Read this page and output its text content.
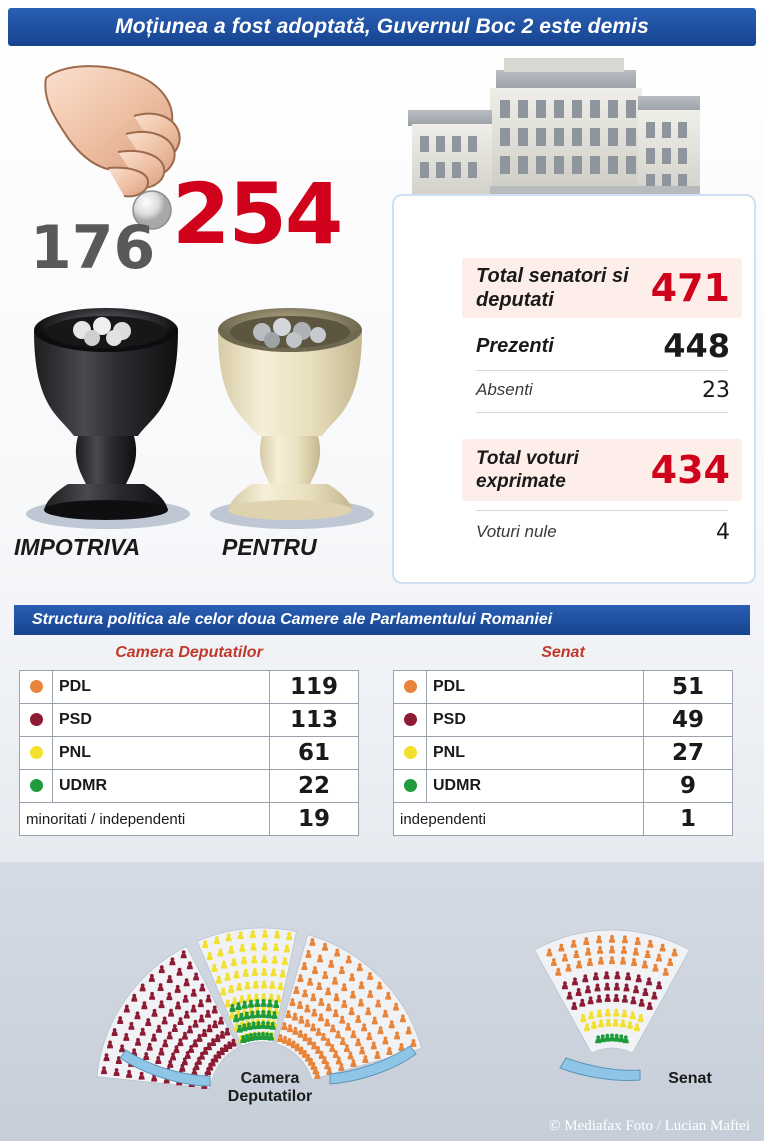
Moțiunea a fost adoptată, Guvernul Boc 2 este demis
176 254
IMPOTRIVA	PENTRU
Total senatori si deputati	471
Prezenti	448
Absenti	23
Total voturi exprimate	434
Voturi nule	4
Structura politica ale celor doua Camere ale Parlamentului Romaniei
Camera Deputatilor
	PDL	119
	PSD	113
	PNL	61
	UDMR	22
minoritati / independenti		19
Senat
	PDL	51
	PSD	49
	PNL	27
	UDMR	9
independenti		1
Camera
Deputatilor
Senat
© Mediafax Foto / Lucian Maftei
